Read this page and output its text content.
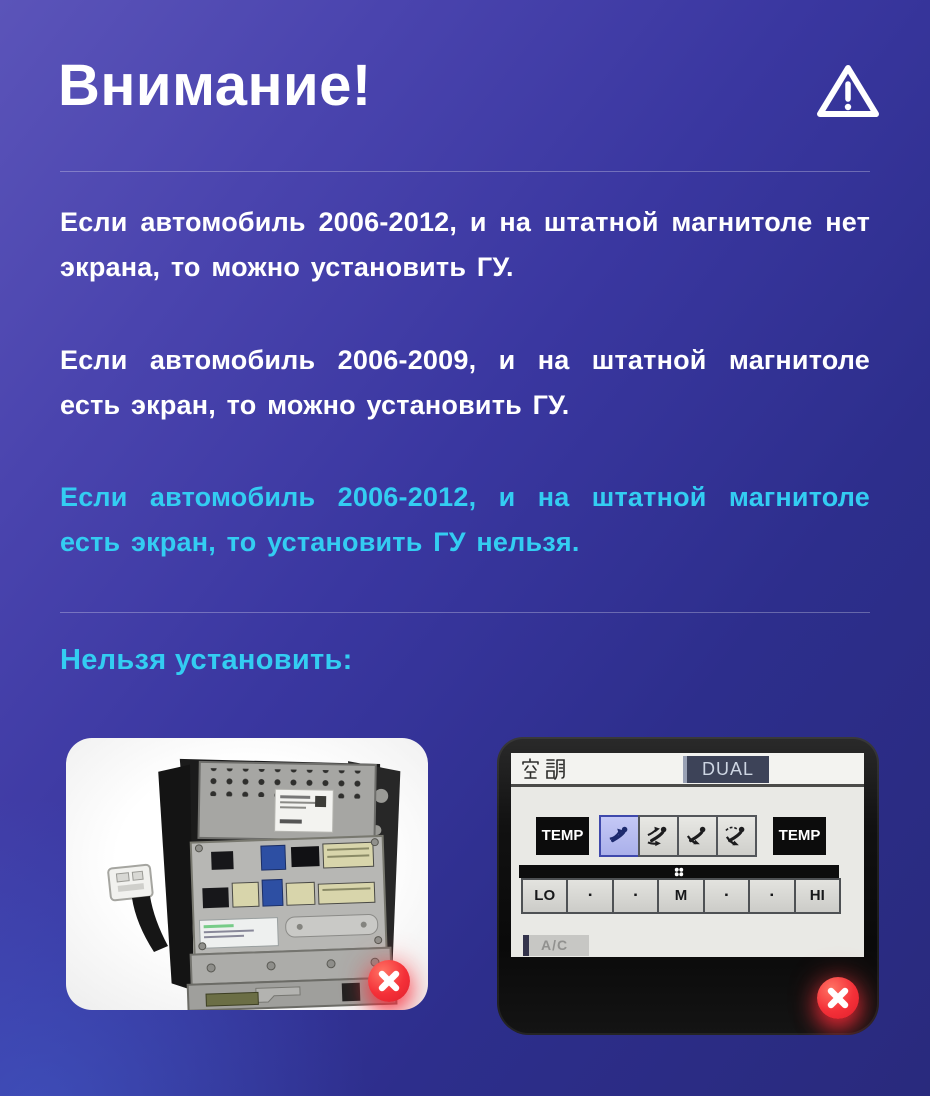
Внимание!

Если автомобиль 2006-2012, и на штатной магнитоле нет экрана, то можно установить ГУ.

Если автомобиль 2006-2009, и на штатной магнитоле есть экран, то можно установить ГУ.

Если автомобиль 2006-2012, и на штатной магнитоле есть экран, то установить ГУ нельзя.

Нельзя установить:
DUAL
TEMP	TEMP
LO	▪	▪	M	▪	▪	HI
A/C
